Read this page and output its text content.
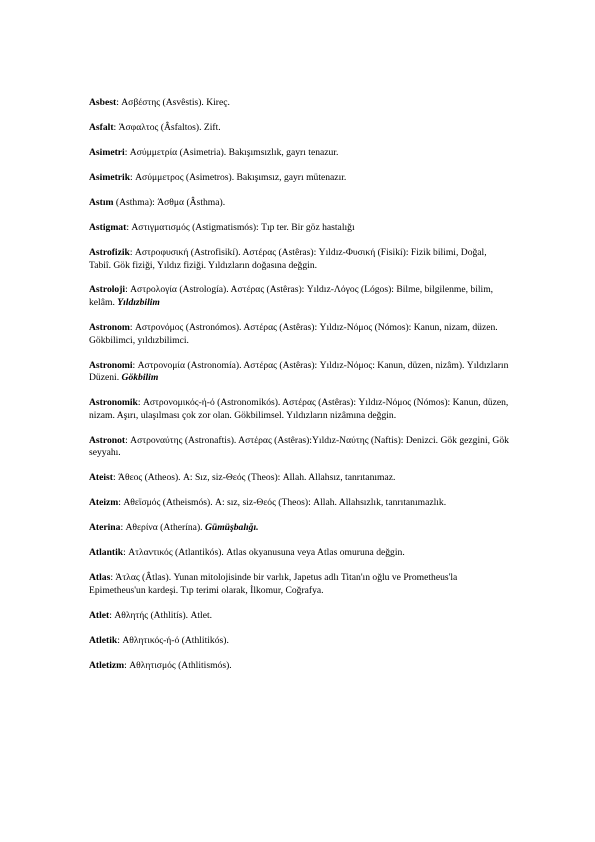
Asbest: Ασβέστης (Asvêstis). Kireç.

Asfalt: Άσφαλτος (Âsfaltos). Zift.

Asimetri: Ασύμμετρία (Asimetria). Bakışımsızlık, gayrı tenazur.

Asimetrik: Ασύμμετρος (Asimetros). Bakışımsız, gayrı mütenazır.

Astım (Asthma): Άσθμα (Âsthma).

Astigmat: Αστιγματισμός (Astigmatismós): Tıp ter. Bir göz hastalığı

Astrofizik: Αστροφυσική (Astrofisikí). Αστέρας (Astêras): Yıldız-Φυσική (Fisikí): Fizik bilimi, Doğal, Tabiî. Gök fiziği, Yıldız fiziği. Yıldızların doğasına değgin.

Astroloji: Αστρολογία (Astrología). Αστέρας (Astêras): Yıldız-Λόγος (Lógos): Bilme, bilgilenme, bilim, kelâm. Yıldızbilim

Astronom: Αστρονόμος (Astronómos). Αστέρας (Astêras): Yıldız-Νόμος (Nómos): Kanun, nizam, düzen. Gökbilimci, yıldızbilimci.

Astronomi: Αστρονομία (Astronomía). Αστέρας (Astêras): Yıldız-Νόμος: Kanun, düzen, nizâm). Yıldızların Düzeni. Gökbilim

Astronomik: Αστρονομικός-ή-ό (Astronomikós). Αστέρας (Astêras): Yıldız-Νόμος (Nómos): Kanun, düzen, nizam. Aşırı, ulaşılması çok zor olan. Gökbilimsel. Yıldızların nizâmına değgin.

Astronot: Αστροναύτης (Astronaftis). Αστέρας (Astêras):Yıldız-Ναύτης (Naftis): Denizci. Gök gezgini, Gök seyyahı.

Ateist: Άθεος (Atheos). A: Sız, siz-Θεός (Theos): Allah. Allahsız, tanrıtanımaz.

Ateizm: Αθεϊσμός (Atheismós). A: sız, siz-Θεός (Theos): Allah. Allahsızlık, tanrıtanımazlık.

Aterina: Αθερίνα (Atherína). Gümüşbalığı.

Atlantik: Ατλαντικός (Atlantikós). Atlas okyanusuna veya Atlas omuruna değgin.

Atlas: Άτλας (Âtlas). Yunan mitolojisinde bir varlık, Japetus adlı Titan'ın oğlu ve Prometheus'la Epimetheus'un kardeşi. Tıp terimi olarak, İlkomur, Coğrafya.

Atlet: Αθλητής (Athlitís). Atlet.

Atletik: Αθλητικός-ή-ό (Athlitikós).

Atletizm: Αθλητισμός (Athlitismós).
